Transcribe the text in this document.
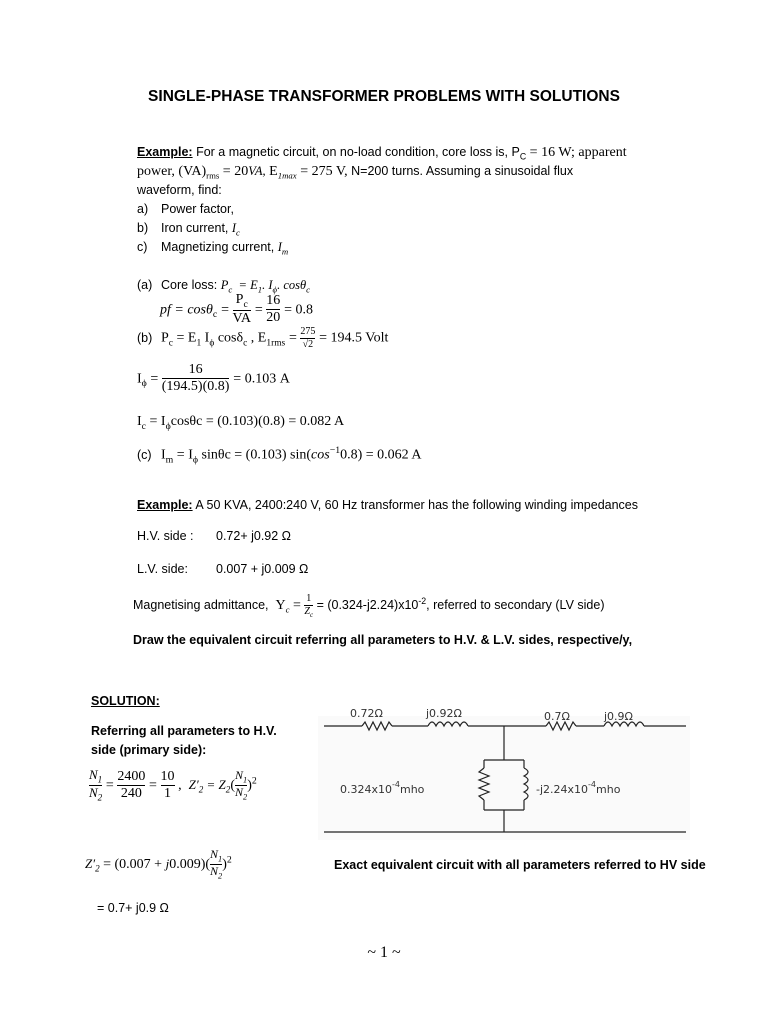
SINGLE-PHASE TRANSFORMER PROBLEMS WITH SOLUTIONS
Example: For a magnetic circuit, on no-load condition, core loss is, $P_C = 16$ W; apparent
power, $(VA)_{rms} = 20VA$, $E_{1max} = 275$ V, N=200 turns. Assuming a sinusoidal flux
waveform, find:
a) Power factor,
b) Iron current, $I_c$
c) Magnetizing current, $I_m$
(a) Core loss: $P_c = E_1$. $I_\phi$. cosθ$_c$
pf = $\cos\theta_c = \frac{P_c}{VA} = \frac{16}{20} = 0.8$
(b) $P_c = E_1$ $I_\phi$ cosδ$_c$ , $E_{1rms} = \frac{275}{√2} = 194.5$ Volt
$I_\phi = \frac{16}{(194.5)(0.8)} = 0.103$ A
$I_c = I_\phi\cos\theta c = (0.103)(0.8) = 0.082$ A
(c) $I_m = I_\phi$ sinθc = (0.103) $\sin(\cos^{-1}0.8) = 0.062$ A
Example: A 50 KVA, 2400:240 V, 60 Hz transformer has the following winding impedances
H.V. side : 0.72+ j0.92 Ω
L.V. side: 0.007 + j0.009 Ω
Magnetising admittance, $Y_c = \frac{1}{Z_c} = (0.324-j2.24)x10^{-2}$, referred to secondary (LV side)
Draw the equivalent circuit referring all parameters to H.V. & L.V. sides, respective/y,
SOLUTION:
Referring all parameters to H.V.
side (primary side):
$\frac{N_1}{N_2} = \frac{2400}{240} = \frac{10}{1}$ ,  $Z'_2 = Z_2( \frac{N_1}{N_2} )^2$
$Z'_2 = (0.007 + j0.009)( \frac{N_1}{N_2} )^2$
= 0.7+ j0.9 Ω
Exact equivalent circuit with all parameters referred to HV side
0.72Ω	j0.92Ω	0.7Ω	j0.9Ω
$0.324x10^{-4}mho$	$-j2.24x10^{-4}mho$
~ 1 ~
